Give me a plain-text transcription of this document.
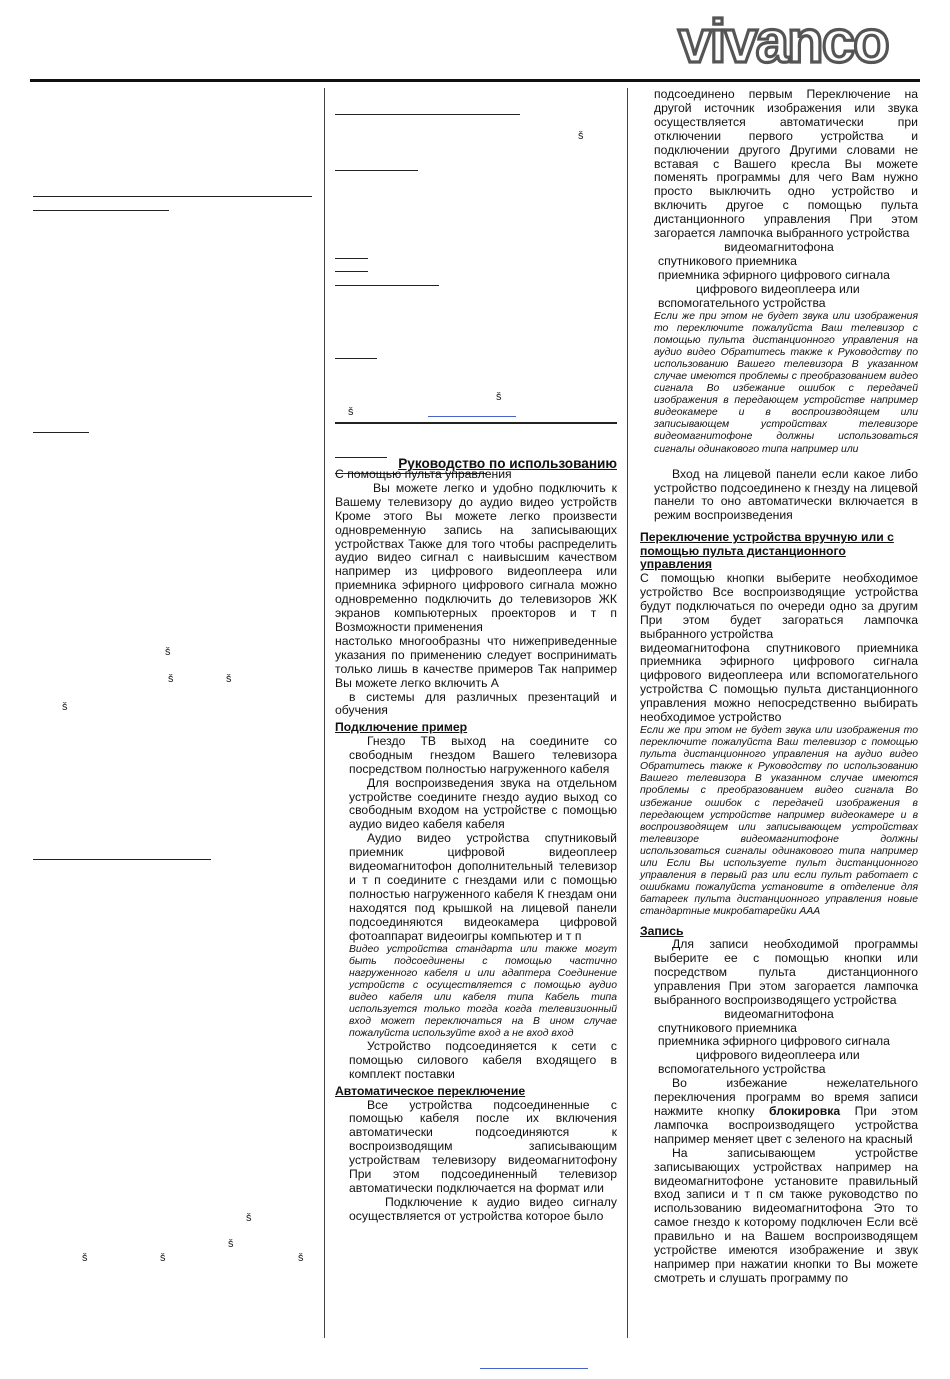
vivanco
š
š	š
š
š
š
š	š	š
š
š
š
Руководство по использованию

С помощью пульта управления

Вы можете легко и удобно подключить к Вашему телевизору до аудио видео устройств Кроме этого Вы можете легко произвести одновременную запись на записывающих устройствах Также для того чтобы распределить аудио видео сигнал с наивысшим качеством например из цифрового видеоплеера или приемника эфирного цифрового сигнала можно одновременно подключить до телевизоров ЖК экранов компьютерных проекторов и т п Возможности применения

настолько многообразны что нижеприведенные указания по применению следует воспринимать только лишь в качестве примеров Так например Вы можете легко включить А

в системы для различных презентаций и обучения

Подключение пример

Гнездо ТВ выход на соедините со свободным гнездом Вашего телевизора посредством полностью нагруженного кабеля

Для воспроизведения звука на отдельном устройстве соедините гнездо аудио выход со свободным входом на устройстве с помощью аудио видео кабеля кабеля

Аудио видео устройства спутниковый приемник цифровой видеоплеер видеомагнитофон дополнительный телевизор и т п соедините с гнездами или с помощью полностью нагруженного кабеля К гнездам они находятся под крышкой на лицевой панели подсоединяются видеокамера цифровой фотоаппарат видеоигры компьютер и т п

Видео устройства стандарта или также могут быть подсоединены с помощью частично нагруженного кабеля и или адаптера Соединение устройств с осуществляется с помощью аудио видео кабеля или кабеля типа Кабель типа используется только тогда когда телевизионный вход может переключаться на В ином случае пожалуйста используйте вход а не вход вход

Устройство подсоединяется к сети с помощью силового кабеля входящего в комплект поставки

Автоматическое переключение

Все устройства подсоединенные с помощью кабеля после их включения автоматически подсоединяются к воспроизводящим записывающим устройствам телевизору видеомагнитофону При этом подсоединенный телевизор автоматически подключается на формат или

Подключение к аудио видео сигналу осуществляется от устройства которое было

подсоединено первым Переключение на другой источник изображения или звука осуществляется автоматически при отключении первого устройства и подключении другого Другими словами не вставая с Вашего кресла Вы можете поменять программы для чего Вам нужно просто выключить одно устройство и включить другое с помощью пульта дистанционного управления При этом загорается лампочка выбранного устройства

видеомагнитофона

спутникового приемника

приемника эфирного цифрового сигнала

цифрового видеоплеера или

вспомогательного устройства

Если же при этом не будет звука или изображения то переключите пожалуйста Ваш телевизор с помощью пульта дистанционного управления на аудио видео Обратитесь также к Руководству по использованию Вашего телевизора В указанном случае имеются проблемы с преобразованием видео сигнала Во избежание ошибок с передачей изображения в передающем устройстве например видеокамере и в воспроизводящем или записывающем устройствах телевизоре видеомагнитофоне должны использоваться сигналы одинакового типа например или

Вход на лицевой панели если какое либо устройство подсоединено к гнезду на лицевой панели то оно автоматически включается в режим воспроизведения

Переключение устройства вручную или с помощью пульта дистанционного управления

С помощью кнопки выберите необходимое устройство Все воспроизводящие устройства будут подключаться по очереди одно за другим При этом будет загораться лампочка выбранного устройства

видеомагнитофона спутникового приемника приемника эфирного цифрового сигнала цифрового видеоплеера или вспомогательного устройства С помощью пульта дистанционного управления можно непосредственно выбирать необходимое устройство

Если же при этом не будет звука или изображения то переключите пожалуйста Ваш телевизор с помощью пульта дистанционного управления на аудио видео Обратитесь также к Руководству по использованию Вашего телевизора В указанном случае имеются проблемы с преобразованием видео сигнала Во избежание ошибок с передачей изображения в передающем устройстве например видеокамере и в воспроизводящем или записывающем устройствах телевизоре видеомагнитофоне должны использоваться сигналы одинакового типа например или Если Вы используете пульт дистанционного управления в первый раз или если пульт работает с ошибками пожалуйста установите в отделение для батареек пульта дистанционного управления новые стандартные микробатарейки ААА

Запись

Для записи необходимой программы выберите ее с помощью кнопки или посредством пульта дистанционного управления При этом загорается лампочка выбранного воспроизводящего устройства

видеомагнитофона

спутникового приемника

приемника эфирного цифрового сигнала

цифрового видеоплеера или

вспомогательного устройства

Во избежание нежелательного переключения программ во время записи нажмите кнопку блокировка При этом лампочка воспроизводящего устройства например меняет цвет с зеленого на красный

На записывающем устройстве записывающих устройствах например на видеомагнитофоне установите правильный вход записи и т п см также руководство по использованию видеомагнитофона Это то самое гнездо к которому подключен Если всё правильно и на Вашем воспроизводящем устройстве имеются изображение и звук например при нажатии кнопки то Вы можете смотреть и слушать программу по
